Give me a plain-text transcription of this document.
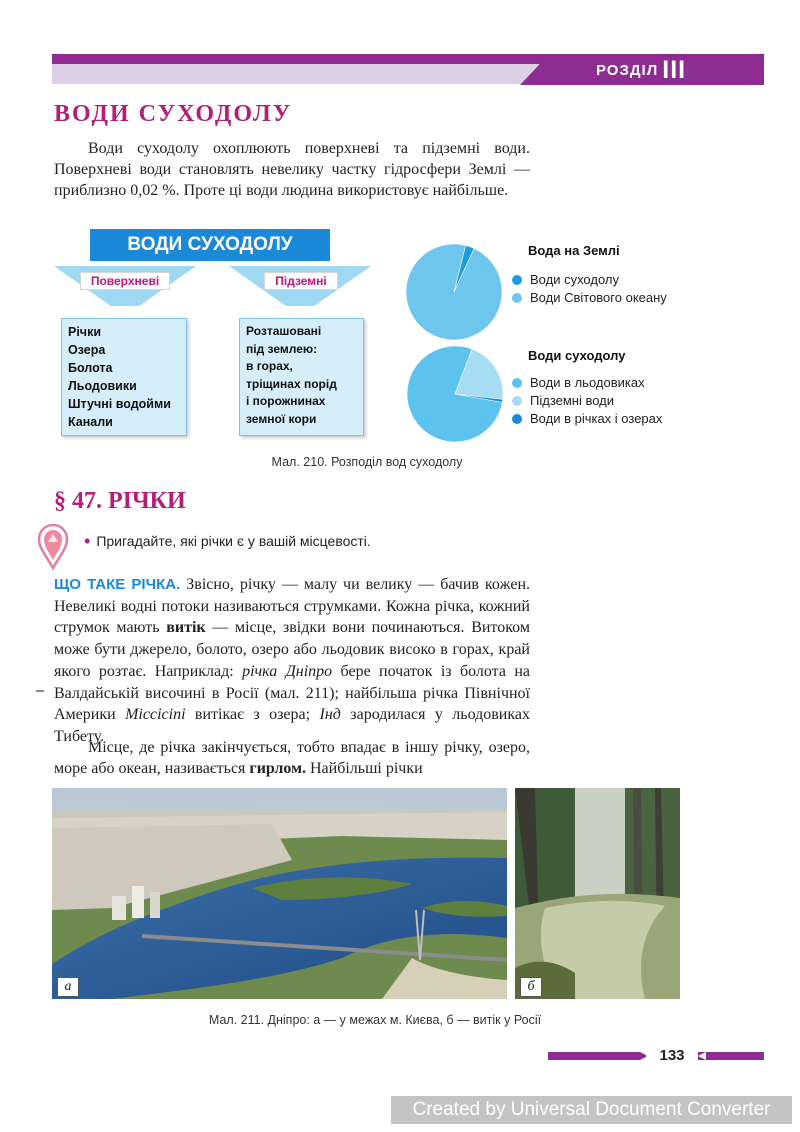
РОЗДІЛ III
ВОДИ СУХОДОЛУ

Води суходолу охоплюють поверхневі та підземні води. Поверхневі води становлять невелику частку гідросфери Землі — приблизно 0,02 %. Проте ці води людина використовує найбільше.

ВОДИ СУХОДОЛУ
Поверхневі	Підземні
Річки
Озера
Болота
Льодовики
Штучні водойми
Канали
Розташовані
під землею:
в горах,
тріщинах порід
і порожнинах
земної кори
Вода на Землі
Води суходолу
Води Світового океану
Води суходолу
Води в льодовиках
Підземні води
Води в річках і озерах
Мал. 210. Розподіл вод суходолу
§ 47. РІЧКИ
• Пригадайте, які річки є у вашій місцевості.

ЩО ТАКЕ РІЧКА. Звісно, річку — малу чи велику — бачив кожен. Невеликі водні потоки називаються струмками. Кожна річка, кожний струмок мають витік — місце, звідки вони починаються. Витоком може бути джерело, болото, озеро або льодовик високо в горах, край якого розтає. Наприклад: річка Дніпро бере початок із болота на Валдайській височині в Росії (мал. 211); найбільша річка Північної Америки Міссісіпі витікає з озера; Інд зародилася у льодовиках Тибету.

Місце, де річка закінчується, тобто впадає в іншу річку, озеро, море або океан, називається гирлом. Найбільші річки

а	б
Мал. 211. Дніпро: а — у межах м. Києва, б — витік у Росії
133
Created by Universal Document Converter
